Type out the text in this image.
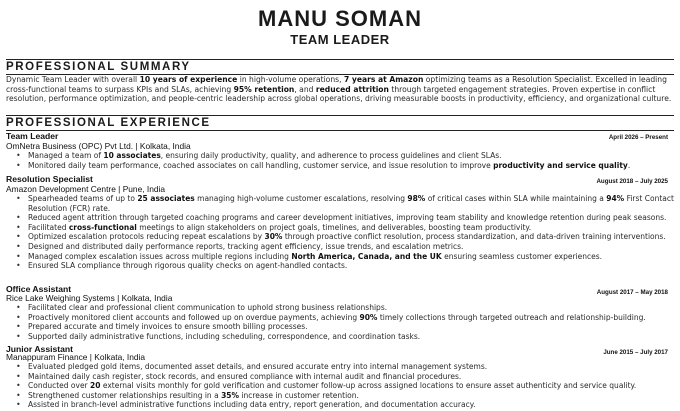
MANU SOMAN
TEAM LEADER
PROFESSIONAL SUMMARY
Dynamic Team Leader with overall 10 years of experience in high-volume operations, 7 years at Amazon optimizing teams as a Resolution Specialist. Excelled in leading cross-functional teams to surpass KPIs and SLAs, achieving 95% retention, and reduced attrition through targeted engagement strategies. Proven expertise in conflict resolution, performance optimization, and people-centric leadership across global operations, driving measurable boosts in productivity, efficiency, and organizational culture.
PROFESSIONAL EXPERIENCE
Team Leader	April 2026 – Present
OmNetra Business (OPC) Pvt Ltd. | Kolkata, India
• Managed a team of 10 associates, ensuring daily productivity, quality, and adherence to process guidelines and client SLAs.
• Monitored daily team performance, coached associates on call handling, customer service, and issue resolution to improve productivity and service quality.
Resolution Specialist	August 2018 – July 2025
Amazon Development Centre | Pune, India
• Spearheaded teams of up to 25 associates managing high-volume customer escalations, resolving 98% of critical cases within SLA while maintaining a 94% First Contact Resolution (FCR) rate.
• Reduced agent attrition through targeted coaching programs and career development initiatives, improving team stability and knowledge retention during peak seasons.
• Facilitated cross-functional meetings to align stakeholders on project goals, timelines, and deliverables, boosting team productivity.
• Optimized escalation protocols reducing repeat escalations by 30% through proactive conflict resolution, process standardization, and data-driven training interventions.
• Designed and distributed daily performance reports, tracking agent efficiency, issue trends, and escalation metrics.
• Managed complex escalation issues across multiple regions including North America, Canada, and the UK ensuring seamless customer experiences.
• Ensured SLA compliance through rigorous quality checks on agent-handled contacts.
Office Assistant	August 2017 – May 2018
Rice Lake Weighing Systems | Kolkata, India
• Facilitated clear and professional client communication to uphold strong business relationships.
• Proactively monitored client accounts and followed up on overdue payments, achieving 90% timely collections through targeted outreach and relationship-building.
• Prepared accurate and timely invoices to ensure smooth billing processes.
• Supported daily administrative functions, including scheduling, correspondence, and coordination tasks.
Junior Assistant	June 2015 – July 2017
Manappuram Finance | Kolkata, India
• Evaluated pledged gold items, documented asset details, and ensured accurate entry into internal management systems.
• Maintained daily cash register, stock records, and ensured compliance with internal audit and financial procedures.
• Conducted over 20 external visits monthly for gold verification and customer follow-up across assigned locations to ensure asset authenticity and service quality.
• Strengthened customer relationships resulting in a 35% increase in customer retention.
• Assisted in branch-level administrative functions including data entry, report generation, and documentation accuracy.
